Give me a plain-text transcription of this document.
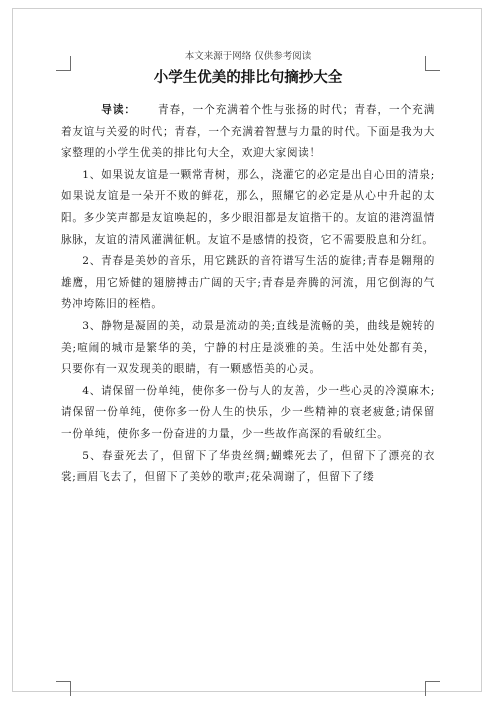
本文来源于网络 仅供参考阅读

小学生优美的排比句摘抄大全

导读： 青春，一个充满着个性与张扬的时代；青春，一个充满着友谊与关爱的时代；青春，一个充满着智慧与力量的时代。下面是我为大家整理的小学生优美的排比句大全，欢迎大家阅读！

1、如果说友谊是一颗常青树，那么，浇灌它的必定是出自心田的清泉;如果说友谊是一朵开不败的鲜花，那么，照耀它的必定是从心中升起的太阳。多少笑声都是友谊唤起的，多少眼泪都是友谊揩干的。友谊的港湾温情脉脉，友谊的清风灌满征帆。友谊不是感情的投资，它不需要股息和分红。

2、青春是美妙的音乐，用它跳跃的音符谱写生活的旋律;青春是翱翔的雄鹰，用它矫健的翅膀搏击广阔的天宇;青春是奔腾的河流，用它倒海的气势冲垮陈旧的桎梏。

3、静物是凝固的美，动景是流动的美;直线是流畅的美，曲线是婉转的美;喧闹的城市是繁华的美，宁静的村庄是淡雅的美。生活中处处都有美，只要你有一双发现美的眼睛，有一颗感悟美的心灵。

4、请保留一份单纯，使你多一份与人的友善，少一些心灵的冷漠麻木;请保留一份单纯，使你多一份人生的快乐，少一些精神的衰老疲惫;请保留一份单纯，使你多一份奋进的力量，少一些故作高深的看破红尘。

5、春蚕死去了，但留下了华贵丝绸;蝴蝶死去了，但留下了漂亮的衣裳;画眉飞去了，但留下了美妙的歌声;花朵凋谢了，但留下了缕
